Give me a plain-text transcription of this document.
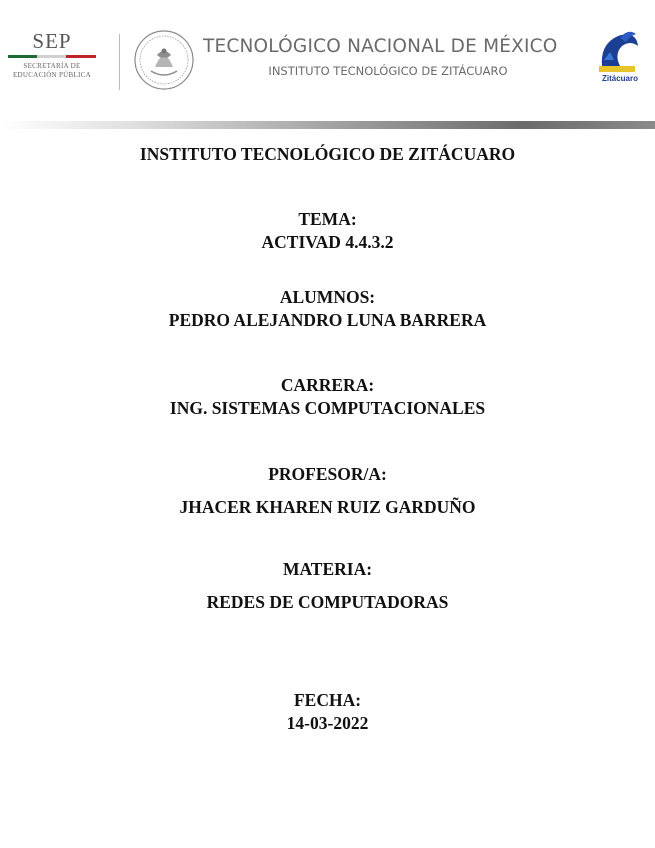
SEP
SECRETARÍA DE
EDUCACIÓN PÚBLICA
TECNOLÓGICO NACIONAL DE MÉXICO
INSTITUTO TECNOLÓGICO DE ZITÁCUARO
Zitácuaro
INSTITUTO TECNOLÓGICO DE ZITÁCUARO
TEMA:
ACTIVAD 4.4.3.2
ALUMNOS:
PEDRO ALEJANDRO LUNA BARRERA
CARRERA:
ING. SISTEMAS COMPUTACIONALES
PROFESOR/A:
JHACER KHAREN RUIZ GARDUÑO
MATERIA:
REDES DE COMPUTADORAS
FECHA:
14-03-2022
